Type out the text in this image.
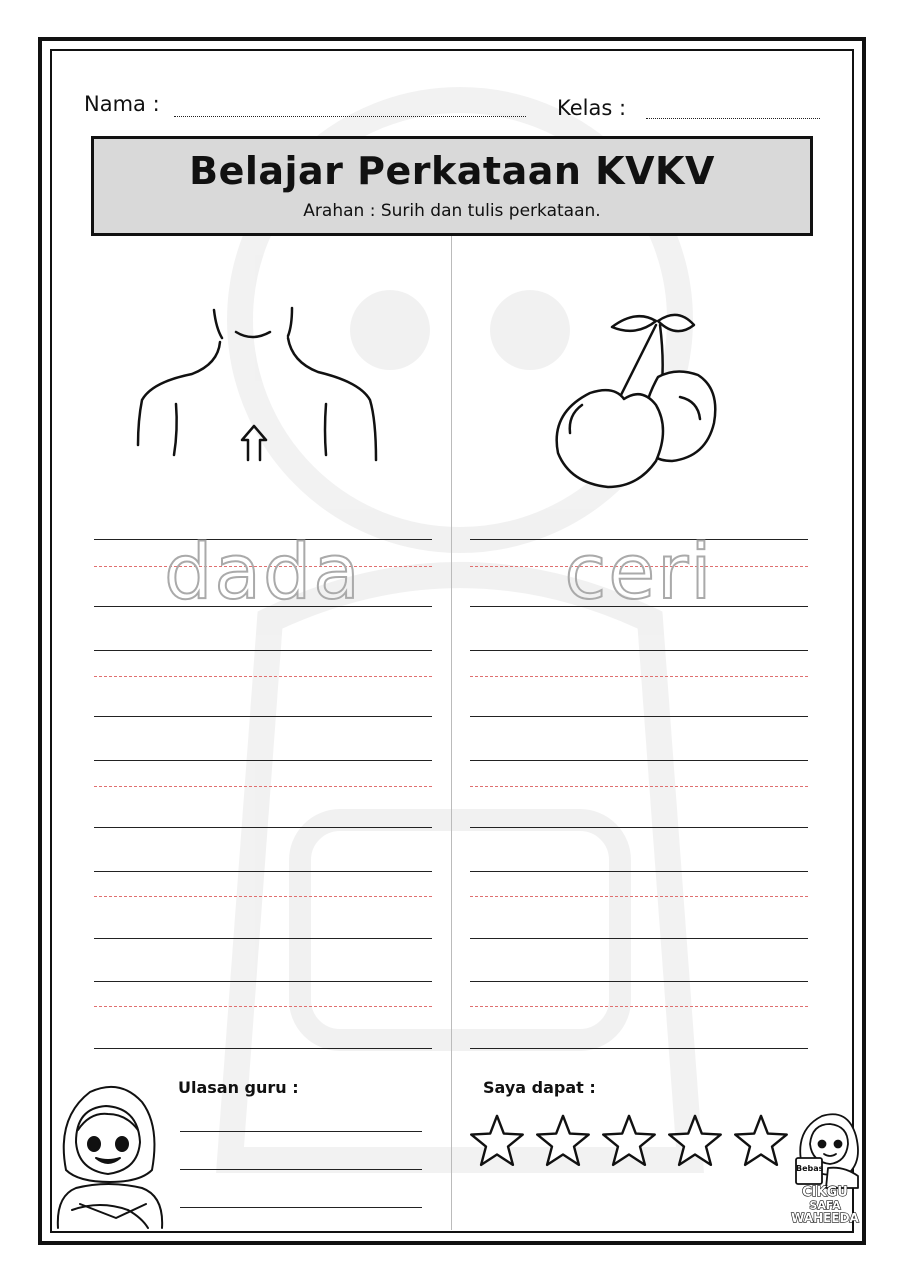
Nama :	Kelas :
Belajar Perkataan KVKV
Arahan : Surih dan tulis perkataan.
dada	ceri
Ulasan guru :	Saya dapat :
Bebas
CIKGU
SAFA
WAHEEDA
